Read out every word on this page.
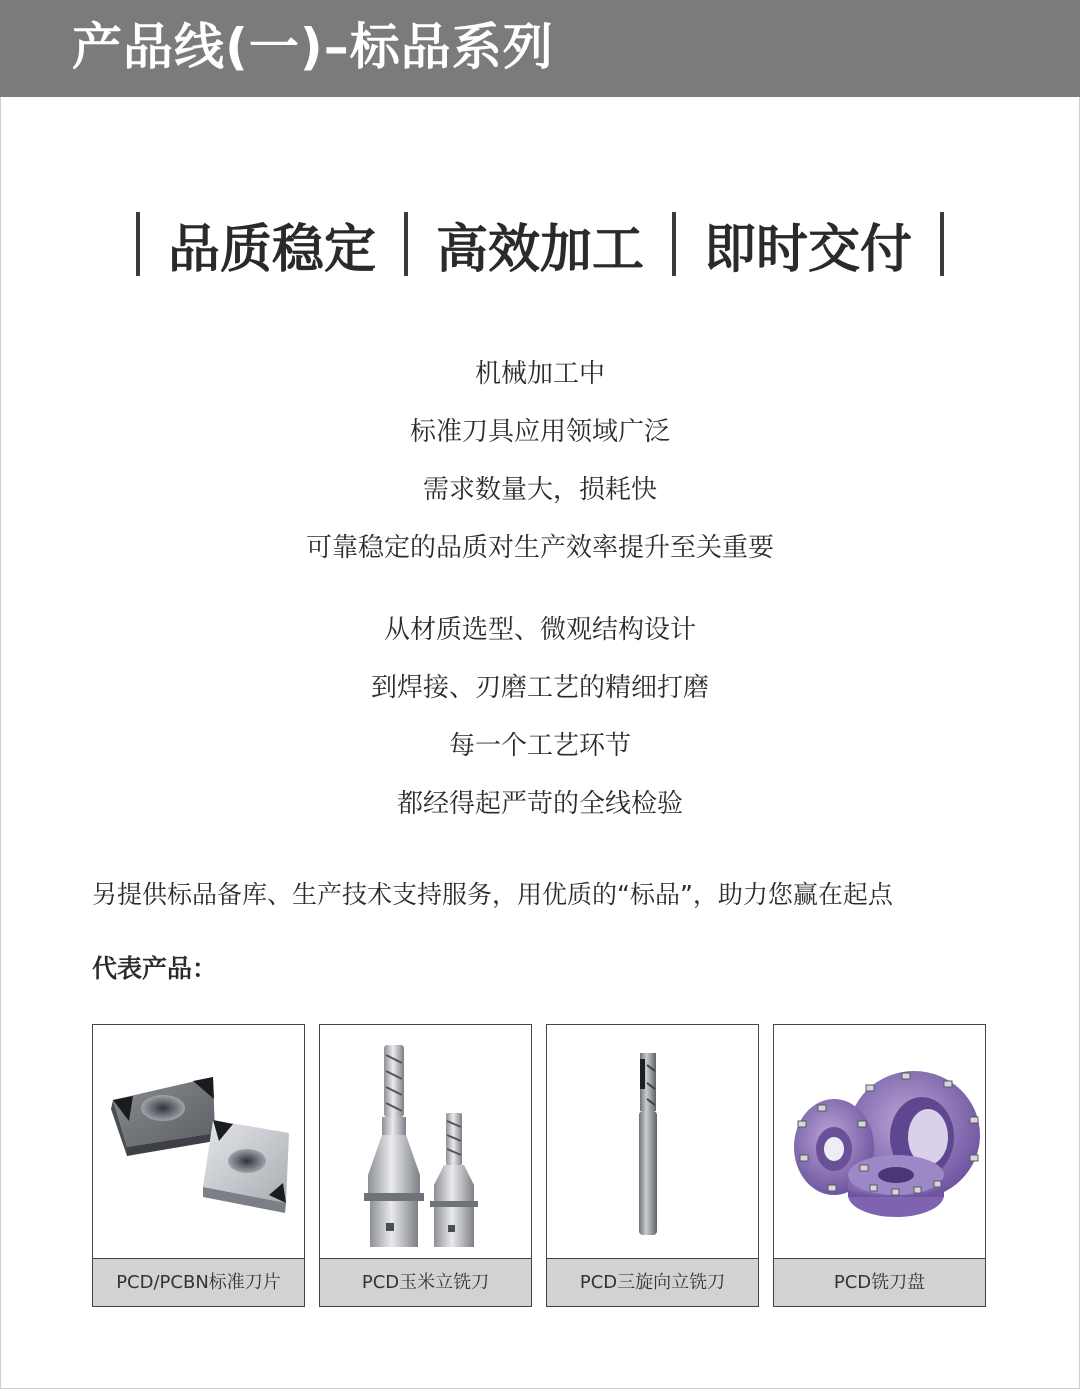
产品线(一)–标品系列
品质稳定 高效加工 即时交付
机械加工中
标准刀具应用领域广泛
需求数量大，损耗快
可靠稳定的品质对生产效率提升至关重要
从材质选型、微观结构设计
到焊接、刃磨工艺的精细打磨
每一个工艺环节
都经得起严苛的全线检验
另提供标品备库、生产技术支持服务，用优质的“标品”，助力您赢在起点
代表产品：
PCD/PCBN标准刀片	PCD玉米立铣刀	PCD三旋向立铣刀	PCD铣刀盘
